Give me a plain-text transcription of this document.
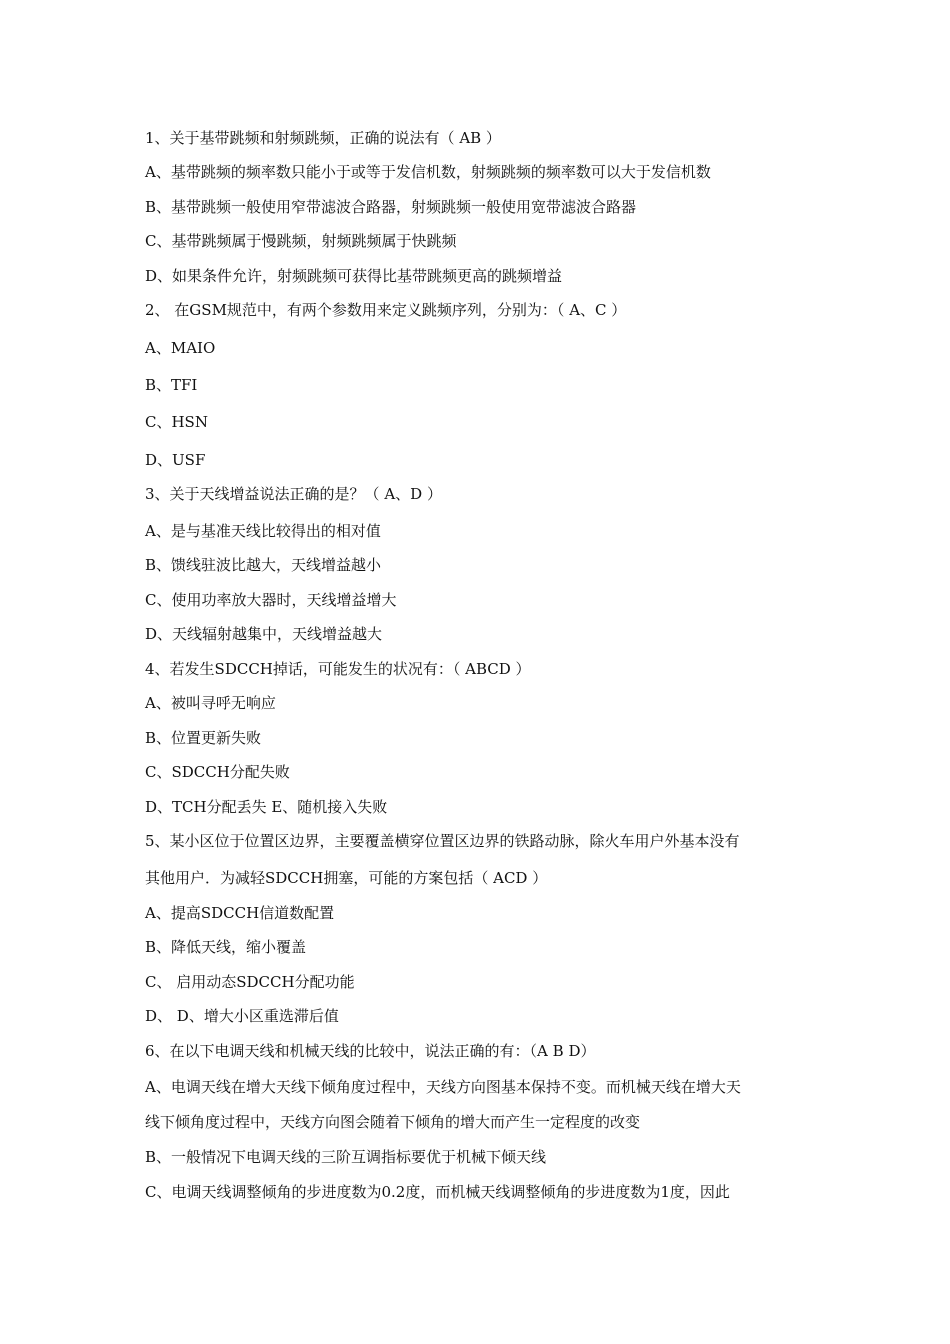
1、关于基带跳频和射频跳频，正确的说法有（ AB ）
A、基带跳频的频率数只能小于或等于发信机数，射频跳频的频率数可以大于发信机数
B、基带跳频一般使用窄带滤波合路器，射频跳频一般使用宽带滤波合路器
C、基带跳频属于慢跳频，射频跳频属于快跳频
D、如果条件允许，射频跳频可获得比基带跳频更高的跳频增益
2、 在GSM规范中，有两个参数用来定义跳频序列，分别为：（ A、C ）
A、MAIO
B、TFI
C、HSN
D、USF
3、关于天线增益说法正确的是？（ A、D ）
A、是与基准天线比较得出的相对值
B、馈线驻波比越大，天线增益越小
C、使用功率放大器时，天线增益增大
D、天线辐射越集中，天线增益越大
4、若发生SDCCH掉话，可能发生的状况有：（ ABCD ）
A、被叫寻呼无响应
B、位置更新失败
C、SDCCH分配失败
D、TCH分配丢失 E、随机接入失败
5、某小区位于位置区边界，主要覆盖横穿位置区边界的铁路动脉，除火车用户外基本没有
其他用户．为减轻SDCCH拥塞，可能的方案包括（ ACD ）
A、提高SDCCH信道数配置
B、降低天线，缩小覆盖
C、 启用动态SDCCH分配功能
D、 D、增大小区重选滞后值
6、在以下电调天线和机械天线的比较中，说法正确的有：（A B D）
A、电调天线在增大天线下倾角度过程中，天线方向图基本保持不变。而机械天线在增大天
线下倾角度过程中，天线方向图会随着下倾角的增大而产生一定程度的改变
B、一般情况下电调天线的三阶互调指标要优于机械下倾天线
C、电调天线调整倾角的步进度数为0.2度，而机械天线调整倾角的步进度数为1度，因此
